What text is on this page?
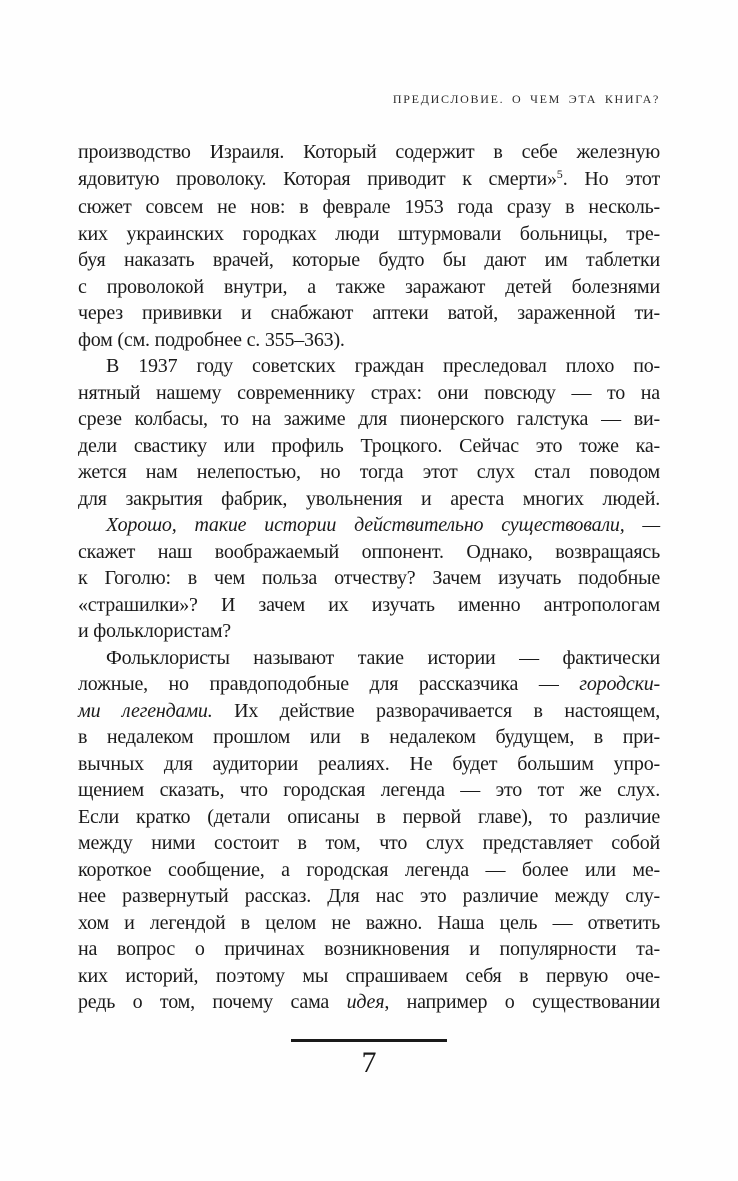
ПРЕДИСЛОВИЕ. О ЧЕМ ЭТА КНИГА?
производство Израиля. Который содержит в себе железную
ядовитую проволоку. Которая приводит к смерти»$^5$. Но этот
сюжет совсем не нов: в феврале 1953 года сразу в несколь-
ких украинских городках люди штурмовали больницы, тре-
буя наказать врачей, которые будто бы дают им таблетки
с проволокой внутри, а также заражают детей болезнями
через прививки и снабжают аптеки ватой, зараженной ти-
фом (см. подробнее с. 355–363).
В 1937 году советских граждан преследовал плохо по-
нятный нашему современнику страх: они повсюду — то на
срезе колбасы, то на зажиме для пионерского галстука — ви-
дели свастику или профиль Троцкого. Сейчас это тоже ка-
жется нам нелепостью, но тогда этот слух стал поводом
для закрытия фабрик, увольнения и ареста многих людей.
Хорошо, такие истории действительно существовали, —
скажет наш воображаемый оппонент. Однако, возвращаясь
к Гоголю: в чем польза отчеству? Зачем изучать подобные
«страшилки»? И зачем их изучать именно антропологам
и фольклористам?
Фольклористы называют такие истории — фактически
ложные, но правдоподобные для рассказчика — городски-
ми легендами. Их действие разворачивается в настоящем,
в недалеком прошлом или в недалеком будущем, в при-
вычных для аудитории реалиях. Не будет большим упро-
щением сказать, что городская легенда — это тот же слух.
Если кратко (детали описаны в первой главе), то различие
между ними состоит в том, что слух представляет собой
короткое сообщение, а городская легенда — более или ме-
нее развернутый рассказ. Для нас это различие между слу-
хом и легендой в целом не важно. Наша цель — ответить
на вопрос о причинах возникновения и популярности та-
ких историй, поэтому мы спрашиваем себя в первую оче-
редь о том, почему сама идея, например о существовании
7
